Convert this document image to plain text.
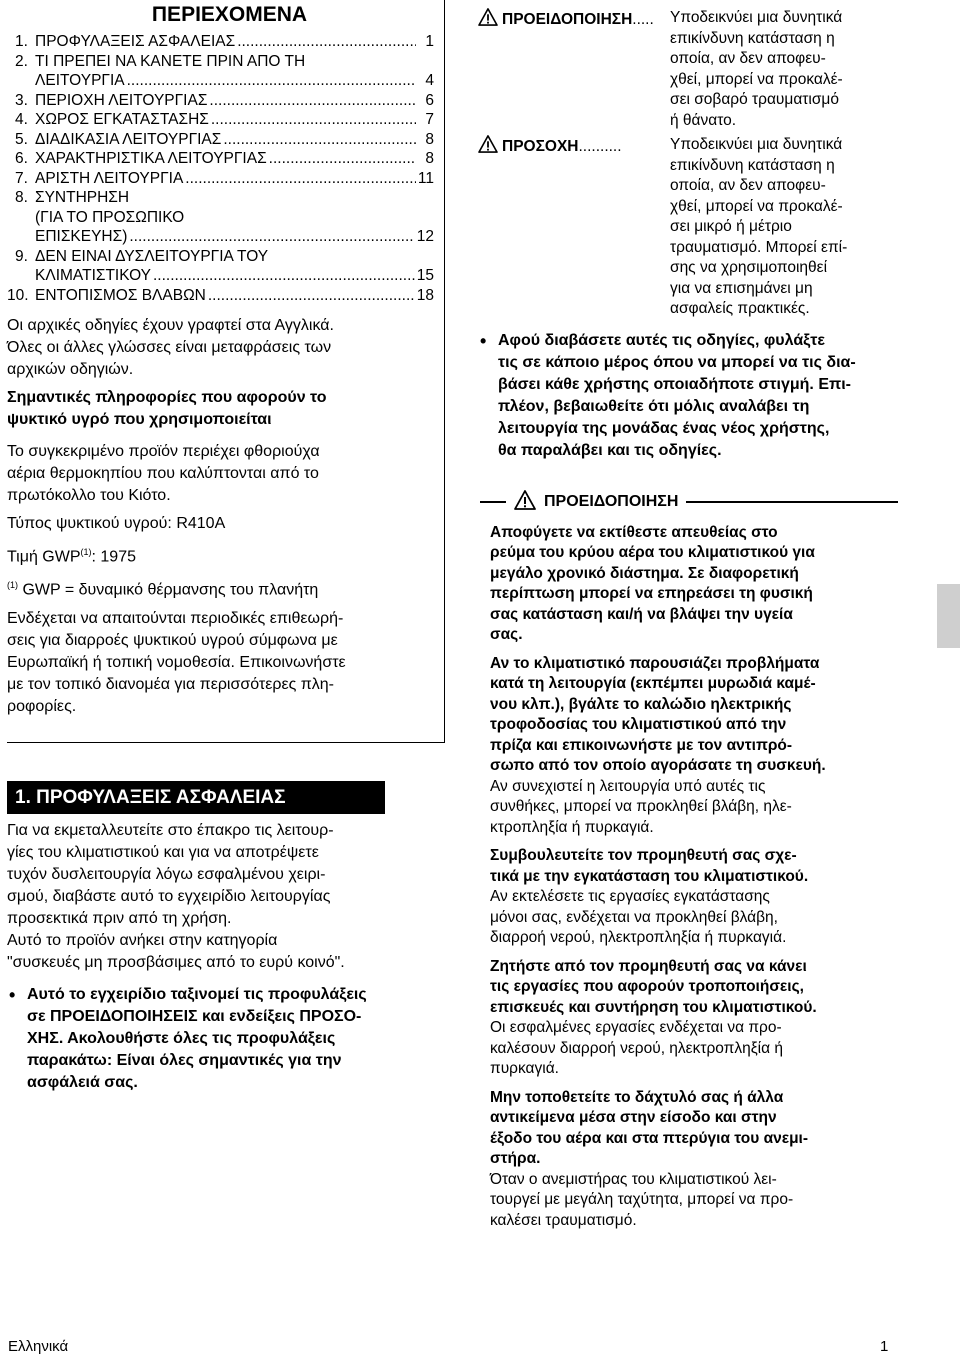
ΠΕΡΙΕΧΟΜΕΝΑ
1. ΠΡΟΦΥΛΑΞΕΙΣ ΑΣΦΑΛΕΙΑΣ .....	1
2. ΤΙ ΠΡΕΠΕΙ ΝΑ ΚΑΝΕΤΕ ΠΡΙΝ ΑΠΟ ΤΗ
ΛΕΙΤΟΥΡΓΙΑ .....	4
3. ΠΕΡΙΟΧΗ ΛΕΙΤΟΥΡΓΙΑΣ .....	6
4. ΧΩΡΟΣ ΕΓΚΑΤΑΣΤΑΣΗΣ .....	7
5. ΔΙΑΔΙΚΑΣΙΑ ΛΕΙΤΟΥΡΓΙΑΣ .....	8
6. ΧΑΡΑΚΤΗΡΙΣΤΙΚΑ ΛΕΙΤΟΥΡΓΙΑΣ .....	8
7. ΑΡΙΣΤΗ ΛΕΙΤΟΥΡΓΙΑ .....	11
8. ΣΥΝΤΗΡΗΣΗ
(ΓΙΑ ΤΟ ΠΡΟΣΩΠΙΚΟ
ΕΠΙΣΚΕΥΗΣ) .....	12
9. ΔΕΝ ΕΙΝΑΙ ΔΥΣΛΕΙΤΟΥΡΓΙΑ ΤΟΥ
ΚΛΙΜΑΤΙΣΤΙΚΟΥ .....	15
10. ΕΝΤΟΠΙΣΜΟΣ ΒΛΑΒΩΝ .....	18

Οι αρχικές οδηγίες έχουν γραφτεί στα Αγγλικά.

Όλες οι άλλες γλώσσες είναι μεταφράσεις των

αρχικών οδηγιών.

Σημαντικές πληροφορίες που αφορούν το

ψυκτικό υγρό που χρησιμοποιείται

Το συγκεκριμένο προϊόν περιέχει φθοριούχα

αέρια θερμοκηπίου που καλύπτονται από το

πρωτόκολλο του Κιότο.

Τύπος ψυκτικού υγρού: R410A

Τιμή GWP$^{(1)}$: 1975

$^{(1)}$ GWP = δυναμικό θέρμανσης του πλανήτη

Ενδέχεται να απαιτούνται περιοδικές επιθεωρή-

σεις για διαρροές ψυκτικού υγρού σύμφωνα με

Ευρωπαϊκή ή τοπική νομοθεσία. Επικοινωνήστε

με τον τοπικό διανομέα για περισσότερες πλη-

ροφορίες.

1. ΠΡΟΦΥΛΑΞΕΙΣ ΑΣΦΑΛΕΙΑΣ

Για να εκμεταλλευτείτε στο έπακρο τις λειτουρ-

γίες του κλιματιστικού και για να αποτρέψετε

τυχόν δυσλειτουργία λόγω εσφαλμένου χειρι-

σμού, διαβάστε αυτό το εγχειρίδιο λειτουργίας

προσεκτικά πριν από τη χρήση.

Αυτό το προϊόν ανήκει στην κατηγορία

"συσκευές μη προσβάσιμες από το ευρύ κοινό".

• Αυτό το εγχειρίδιο ταξινομεί τις προφυλάξεις

σε ΠΡΟΕΙΔΟΠΟΙΗΣΕΙΣ και ενδείξεις ΠΡΟΣΟ-

ΧΗΣ. Ακολουθήστε όλες τις προφυλάξεις

παρακάτω: Είναι όλες σημαντικές για την

ασφάλειά σας.

ΠΡΟΕΙΔΟΠΟΙΗΣΗ ..... Υποδεικνύει μια δυνητικά
επικίνδυνη κατάσταση η
οποία, αν δεν αποφευ-
χθεί, μπορεί να προκαλέ-
σει σοβαρό τραυματισμό
ή θάνατο.
ΠΡΟΣΟΧΗ ..........	Υποδεικνύει μια δυνητικά
επικίνδυνη κατάσταση η
οποία, αν δεν αποφευ-
χθεί, μπορεί να προκαλέ-
σει μικρό ή μέτριο
τραυματισμό. Μπορεί επί-
σης να χρησιμοποιηθεί
για να επισημάνει μη
ασφαλείς πρακτικές.

• Αφού διαβάσετε αυτές τις οδηγίες, φυλάξτε

τις σε κάποιο μέρος όπου να μπορεί να τις δια-

βάσει κάθε χρήστης οποιαδήποτε στιγμή. Επι-

πλέον, βεβαιωθείτε ότι μόλις αναλάβει τη

λειτουργία της μονάδας ένας νέος χρήστης,

θα παραλάβει και τις οδηγίες.

ΠΡΟΕΙΔΟΠΟΙΗΣΗ

Αποφύγετε να εκτίθεστε απευθείας στο

ρεύμα του κρύου αέρα του κλιματιστικού για

μεγάλο χρονικό διάστημα. Σε διαφορετική

περίπτωση μπορεί να επηρεάσει τη φυσική

σας κατάσταση και/ή να βλάψει την υγεία

σας.

Αν το κλιματιστικό παρουσιάζει προβλήματα

κατά τη λειτουργία (εκπέμπει μυρωδιά καμέ-

νου κλπ.), βγάλτε το καλώδιο ηλεκτρικής

τροφοδοσίας του κλιματιστικού από την

πρίζα και επικοινωνήστε με τον αντιπρό-

σωπο από τον οποίο αγοράσατε τη συσκευή.

Αν συνεχιστεί η λειτουργία υπό αυτές τις

συνθήκες, μπορεί να προκληθεί βλάβη, ηλε-

κτροπληξία ή πυρκαγιά.

Συμβουλευτείτε τον προμηθευτή σας σχε-

τικά με την εγκατάσταση του κλιματιστικού.

Αν εκτελέσετε τις εργασίες εγκατάστασης

μόνοι σας, ενδέχεται να προκληθεί βλάβη,

διαρροή νερού, ηλεκτροπληξία ή πυρκαγιά.

Ζητήστε από τον προμηθευτή σας να κάνει

τις εργασίες που αφορούν τροποποιήσεις,

επισκευές και συντήρηση του κλιματιστικού.

Οι εσφαλμένες εργασίες ενδέχεται να προ-

καλέσουν διαρροή νερού, ηλεκτροπληξία ή

πυρκαγιά.

Μην τοποθετείτε το δάχτυλό σας ή άλλα

αντικείμενα μέσα στην είσοδο και στην

έξοδο του αέρα και στα πτερύγια του ανεμι-

στήρα.

Όταν ο ανεμιστήρας του κλιματιστικού λει-

τουργεί με μεγάλη ταχύτητα, μπορεί να προ-

καλέσει τραυματισμό.

Ελληνικά	1
